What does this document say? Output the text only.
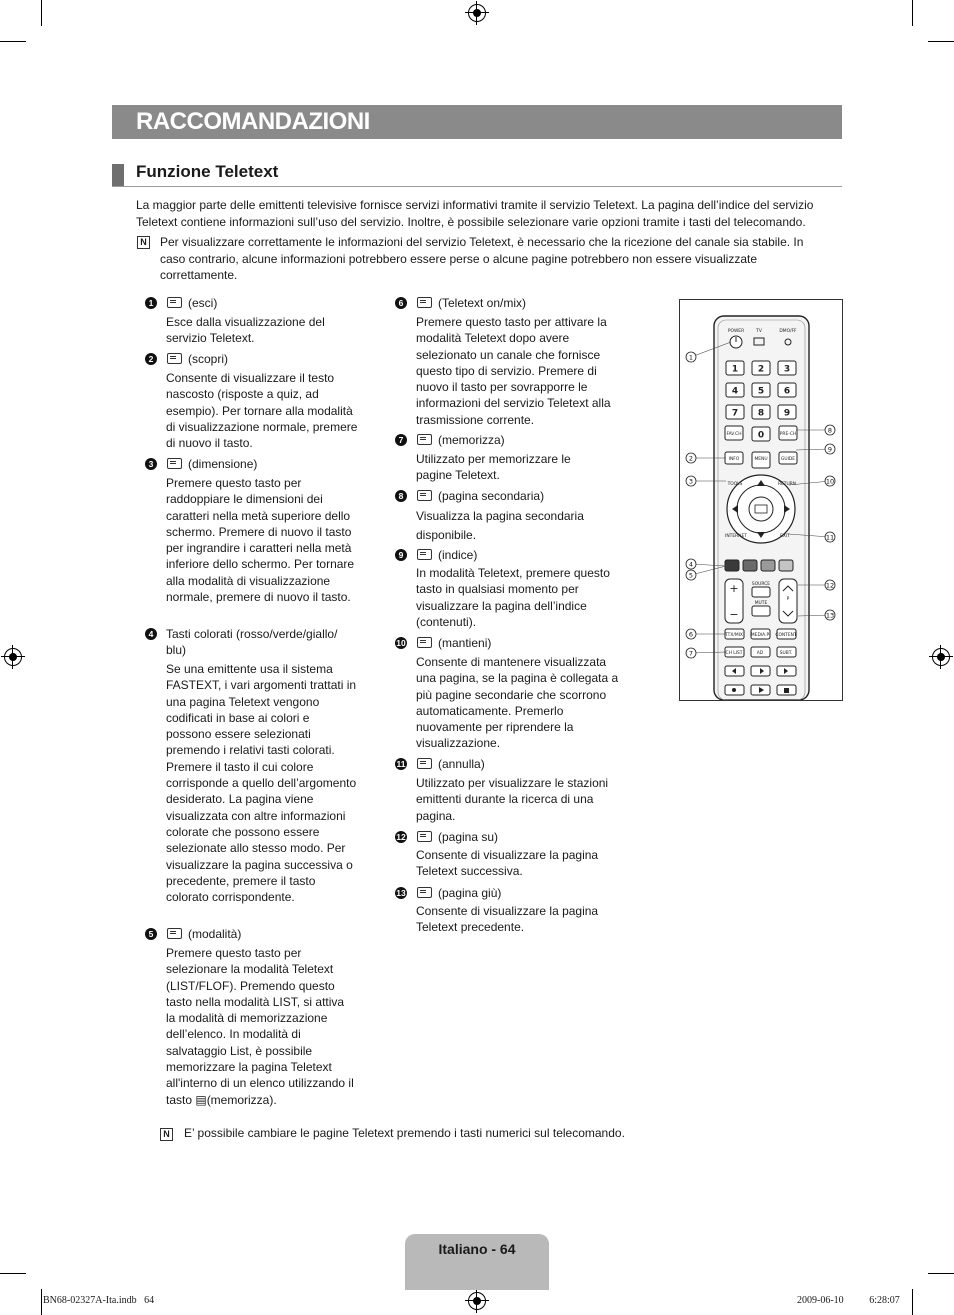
RACCOMANDAZIONI
Funzione Teletext
La maggior parte delle emittenti televisive fornisce servizi informativi tramite il servizio Teletext. La pagina dell’indice del servizio Teletext contiene informazioni sull’uso del servizio. Inoltre, è possibile selezionare varie opzioni tramite i tasti del telecomando.
N Per visualizzare correttamente le informazioni del servizio Teletext, è necessario che la ricezione del canale sia stabile. In caso contrario, alcune informazioni potrebbero essere perse o alcune pagine potrebbero non essere visualizzate correttamente.
1	(esci)
Esce dalla visualizzazione del servizio Teletext.
2	(scopri)
Consente di visualizzare il testo nascosto (risposte a quiz, ad esempio). Per tornare alla modalità di visualizzazione normale, premere di nuovo il tasto.
3	(dimensione)
Premere questo tasto per raddoppiare le dimensioni dei caratteri nella metà superiore dello schermo. Premere di nuovo il tasto per ingrandire i caratteri nella metà inferiore dello schermo. Per tornare alla modalità di visualizzazione normale, premere di nuovo il tasto.
4	Tasti colorati (rosso/verde/giallo/ blu)
Se una emittente usa il sistema FASTEXT, i vari argomenti trattati in una pagina Teletext vengono codificati in base ai colori e possono essere selezionati premendo i relativi tasti colorati. Premere il tasto il cui colore corrisponde a quello dell’argomento desiderato. La pagina viene visualizzata con altre informazioni colorate che possono essere selezionate allo stesso modo. Per visualizzare la pagina successiva o precedente, premere il tasto colorato corrispondente.
5	(modalità)
Premere questo tasto per selezionare la modalità Teletext (LIST/FLOF). Premendo questo tasto nella modalità LIST, si attiva la modalità di memorizzazione dell’elenco. In modalità di salvataggio List, è possibile memorizzare la pagina Teletext all'interno di un elenco utilizzando il tasto ▤(memorizza).
6	(Teletext on/mix)
Premere questo tasto per attivare la modalità Teletext dopo avere selezionato un canale che fornisce questo tipo di servizio. Premere di nuovo il tasto per sovrapporre le informazioni del servizio Teletext alla trasmissione corrente.
7	(memorizza)
Utilizzato per memorizzare le pagine Teletext.
8	(pagina secondaria)
Visualizza la pagina secondaria disponibile.
9	(indice)
In modalità Teletext, premere questo tasto in qualsiasi momento per visualizzare la pagina dell’indice (contenuti).
10	(mantieni)
Consente di mantenere visualizzata una pagina, se la pagina è collegata a più pagine secondarie che scorrono automaticamente. Premerlo nuovamente per riprendere la visualizzazione.
11	(annulla)
Utilizzato per visualizzare le stazioni emittenti durante la ricerca di una pagina.
12	(pagina su)
Consente di visualizzare la pagina Teletext successiva.
13	(pagina giù)
Consente di visualizzare la pagina Teletext precedente.
1 2 3
4 5 6
7 8 9
0
+
−
POWER	TV	DMO/FF
FAV.CH	PRE-CH
INFO	MENU	GUIDE
TOOLS	RETURN
INTERNET	EXIT
SOURCE
MUTE
P
TTX/MIX MEDIA.P CONTENT
CH LIST	AD	SUBT.
1
2
3
4
5
6
7
8
9
10
11
12
13
N E’ possibile cambiare le pagine Teletext premendo i tasti numerici sul telecomando.
Italiano - 64
BN68-02327A-Ita.indb   64	2009-06-10   ￿￿ 6:28:07
